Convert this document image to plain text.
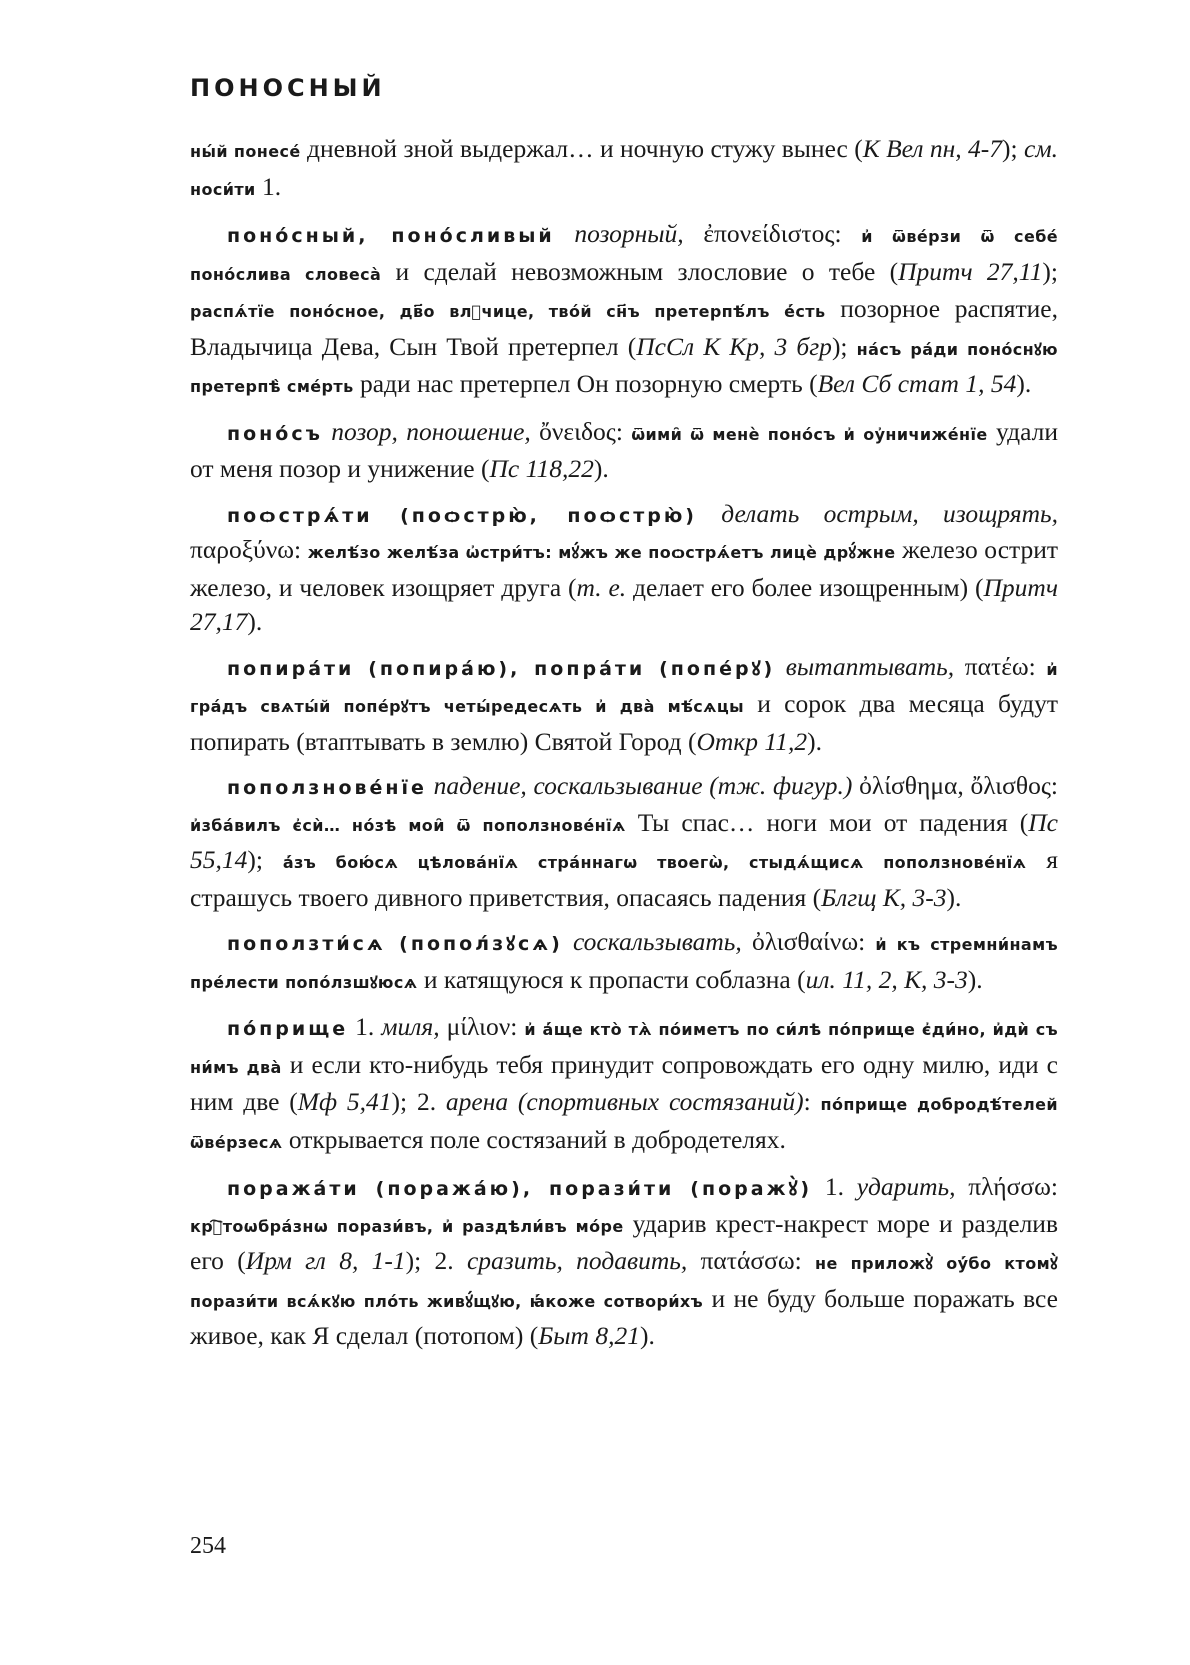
ПОНОСНЫЙ

ны́й понесе́ дневной зной выдержал… и ночную стужу вынес (К Вел пн, 4-7); см. носи́ти 1.

поно́сный, поно́сливый позорный, ἐπονείδιστος: и҆ ѿве́рзи ѿ себе́ поно́слива словеса̀ и сделай невозможным злословие о тебе (Притч 27,11); распѧ́тїе поно́сное, дв҃о влⷣчице, тво́й сн҃ъ претерпѣ́лъ е҆́сть позорное распятие, Владычица Дева, Сын Твой претерпел (ПсСл К Кр, 3 бгр); на́съ ра́ди поно́снꙋю претерпѣ̀ сме́рть ради нас претерпел Он позорную смерть (Вел Сб стат 1, 54).

поно́съ позор, поношение, ὄνειδος: ѿими̑ ѿ менѐ поно́съ и҆ оу҆ничиже́нїе удали от меня позор и унижение (Пс 118,22).

поѻстрѧ́ти (поѻстрю̀, поѻстрю̀) делать острым, изощрять, παροξύνω: желѣ́зо желѣ́за ѡ҆стри́тъ: мꙋ́жъ же поѻстрѧ́етъ лицѐ дрꙋ́жне железо острит железо, и человек изощряет друга (т. е. делает его более изощренным) (Притч 27,17).

попира́ти (попира́ю), попра́ти (попе́рꙋ) вытаптывать, πατέω: и҆ гра́дъ свѧты́й попе́рꙋтъ четы́редесѧть и҆ два̀ мѣ́сѧцы и сорок два месяца будут попирать (втаптывать в землю) Святой Город (Откр 11,2).

поползнове́нїе падение, соскальзывание (тж. фигур.) ὀλίσθημα, ὄλισθος: и҆зба́вилъ є҆сѝ… но́зѣ мои̑ ѿ поползнове́нїѧ Ты спас… ноги мои от падения (Пс 55,14); а҆́зъ бою́сѧ цѣлова́нїѧ стра́ннагѡ твоегѡ̀, стыдѧ́щисѧ поползнове́нїѧ я страшусь твоего дивного приветствия, опасаясь падения (Блгщ К, 3-3).

поползти́сѧ (попол́зꙋсѧ) соскальзывать, ὀλισθαίνω: и҆ къ стремни́намъ пре́лести попо́лзшꙋюсѧ и катящуюся к пропасти соблазна (ил. 11, 2, К, 3-3).

по́прище 1. миля, μίλιον: и҆ а҆́ще кто̀ тѧ̀ по́иметъ по си́лѣ по́прище є҆ди́но, и҆дѝ съ ни́мъ два̀ и если кто-нибудь тебя принудит сопровождать его одну милю, иди с ним две (Мф 5,41); 2. арена (спортивных состязаний): по́прище добродѣ́телей ѿве́рзесѧ открывается поле состязаний в добродетелях.

поража́ти (поража́ю), порази́ти (поражꙋ̀) 1. ударить, πλήσσω: крⷭ҇тоѡбра́знѡ порази́въ, и҆ раздѣли́въ мо́ре ударив крест-накрест море и разделив его (Ирм гл 8, 1-1); 2. сразить, подавить, πατάσσω: не приложꙋ̀ оу҆́бо ктомꙋ̀ порази́ти всѧ́кꙋю пло́ть живꙋ́щꙋю, ꙗ҆́коже сотвори́хъ и не буду больше поражать все живое, как Я сделал (потопом) (Быт 8,21).

254
